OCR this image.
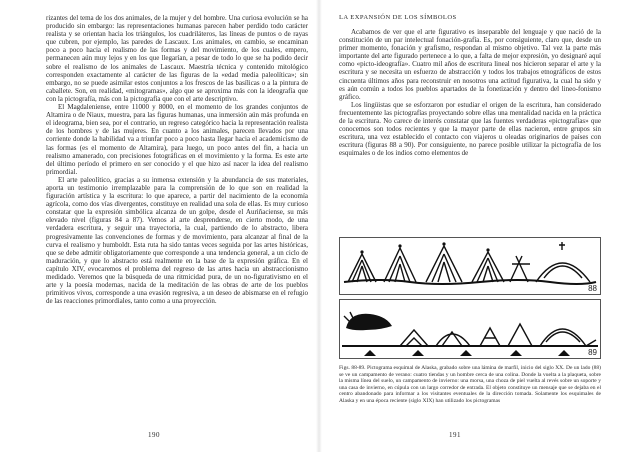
rizantes del tema de los dos animales, de la mujer y del hombre. Una curiosa evolución se ha producido sin embargo: las representaciones humanas parecen haber perdido todo carácter realista y se orientan hacia los triángulos, los cuadriláteros, las líneas de puntos o de rayas que cubren, por ejemplo, las paredes de Lascaux. Los animales, en cambio, se encaminan poco a poco hacia el realismo de las formas y del movimiento, de los cuales, empero, permanecen aún muy lejos y en los que llegarían, a pesar de todo lo que se ha podido decir sobre el realismo de los animales de Lascaux. Maestría técnica y contenido mitológico corresponden exactamente al carácter de las figuras de la «edad media paleolítica»; sin embargo, no se puede asimilar estos conjuntos a los frescos de las basílicas o a la pintura de caballete. Son, en realidad, «mitogramas», algo que se aproxima más con la ideografía que con la pictografía, más con la pictografía que con el arte descriptivo.

El Magdaleniense, entre 11000 y 8000, en el momento de los grandes conjuntos de Altamira o de Niaux, muestra, para las figuras humanas, una inmersión aún más profunda en el ideograma, bien sea, por el contrario, un regreso categórico hacia la representación realista de los hombres y de las mujeres. En cuanto a los animales, parecen llevados por una corriente donde la habilidad va a triunfar poco a poco hasta llegar hacia el academicismo de las formas (es el momento de Altamira), para luego, un poco antes del fin, a hacia un realismo amanerado, con precisiones fotográficas en el movimiento y la forma. Es este arte del último período el primero en ser conocido y el que hizo así nacer la idea del realismo primordial.

El arte paleolítico, gracias a su inmensa extensión y la abundancia de sus materiales, aporta un testimonio irremplazable para la comprensión de lo que son en realidad la figuración artística y la escritura: lo que aparece, a partir del nacimiento de la economía agrícola, como dos vías divergentes, constituye en realidad una sola de ellas. Es muy curioso constatar que la expresión simbólica alcanza de un golpe, desde el Auriñaciense, su más elevado nivel (figuras 84 a 87). Vemos al arte desprenderse, en cierto modo, de una verdadera escritura, y seguir una trayectoria, la cual, partiendo de lo abstracto, libera progresivamente las convenciones de formas y de movimiento, para alcanzar al final de la curva el realismo y humboldt. Esta ruta ha sido tantas veces seguida por las artes históricas, que se debe admitir obligatoriamente que corresponde a una tendencia general, a un ciclo de maduración, y que lo abstracto está realmente en la base de la expresión gráfica. En el capítulo XIV, evocaremos el problema del regreso de las artes hacia un abstraccionismo medidado. Veremos que la búsqueda de una ritmicidad pura, de un no-figurativismo en el arte y la poesía modernas, nacida de la meditación de las obras de arte de los pueblos primitivos vivos, corresponde a una evasión regresiva, a un deseo de abismarse en el refugio de las reacciones primordiales, tanto como a una proyección.

190
LA EXPANSIÓN DE LOS SÍMBOLOS

Acabamos de ver que el arte figurativo es inseparable del lenguaje y que nació de la constitución de un par intelectual fonación-grafía. Es, por consiguiente, claro que, desde un primer momento, fonación y grafismo, respondan al mismo objetivo. Tal vez la parte más importante del arte figurado pertenece a lo que, a falta de mejor expresión, yo designaré aquí como «picto-ideografía». Cuatro mil años de escritura lineal nos hicieron separar el arte y la escritura y se necesita un esfuerzo de abstracción y todos los trabajos etnográficos de estos cincuenta últimos años para reconstruir en nosotros una actitud figurativa, la cual ha sido y es aún común a todos los pueblos apartados de la fonetización y dentro del lineo-fonismo gráfico.

Los lingüistas que se esforzaron por estudiar el origen de la escritura, han considerado frecuentemente las pictografías proyectando sobre ellas una mentalidad nacida en la práctica de la escritura. No carece de interés constatar que las fuentes verdaderas «pictografías» que conocemos son todos recientes y que la mayor parte de ellas nacieron, entre grupos sin escritura, una vez establecido el contacto con viajeros u oleadas originarios de países con escritura (figuras 88 a 90). Por consiguiente, no parece posible utilizar la pictografía de los esquimales o de los indios como elementos de

88
89
Figs. 88-89. Pictograma esquimal de Alaska, grabado sobre una lámina de marfil, inicio del siglo XX. De un lado (88) se ve un campamento de verano: cuatro tiendas y un hombre cerca de una colina. Donde la vuelta a la plaqueta, sobre la misma línea del suelo, un campamento de invierno: una morsa, una choza de piel vuelta al revés sobre un soporte y una casa de invierno, en cúpula con un largo corredor de entrada. El objeto constituye un mensaje que se dejaba en el centro abandonado para informar a los visitantes eventuales de la dirección tomada. Solamente los esquimales de Alaska y en una época reciente (siglo XIX) han utilizado los pictogramas
191
